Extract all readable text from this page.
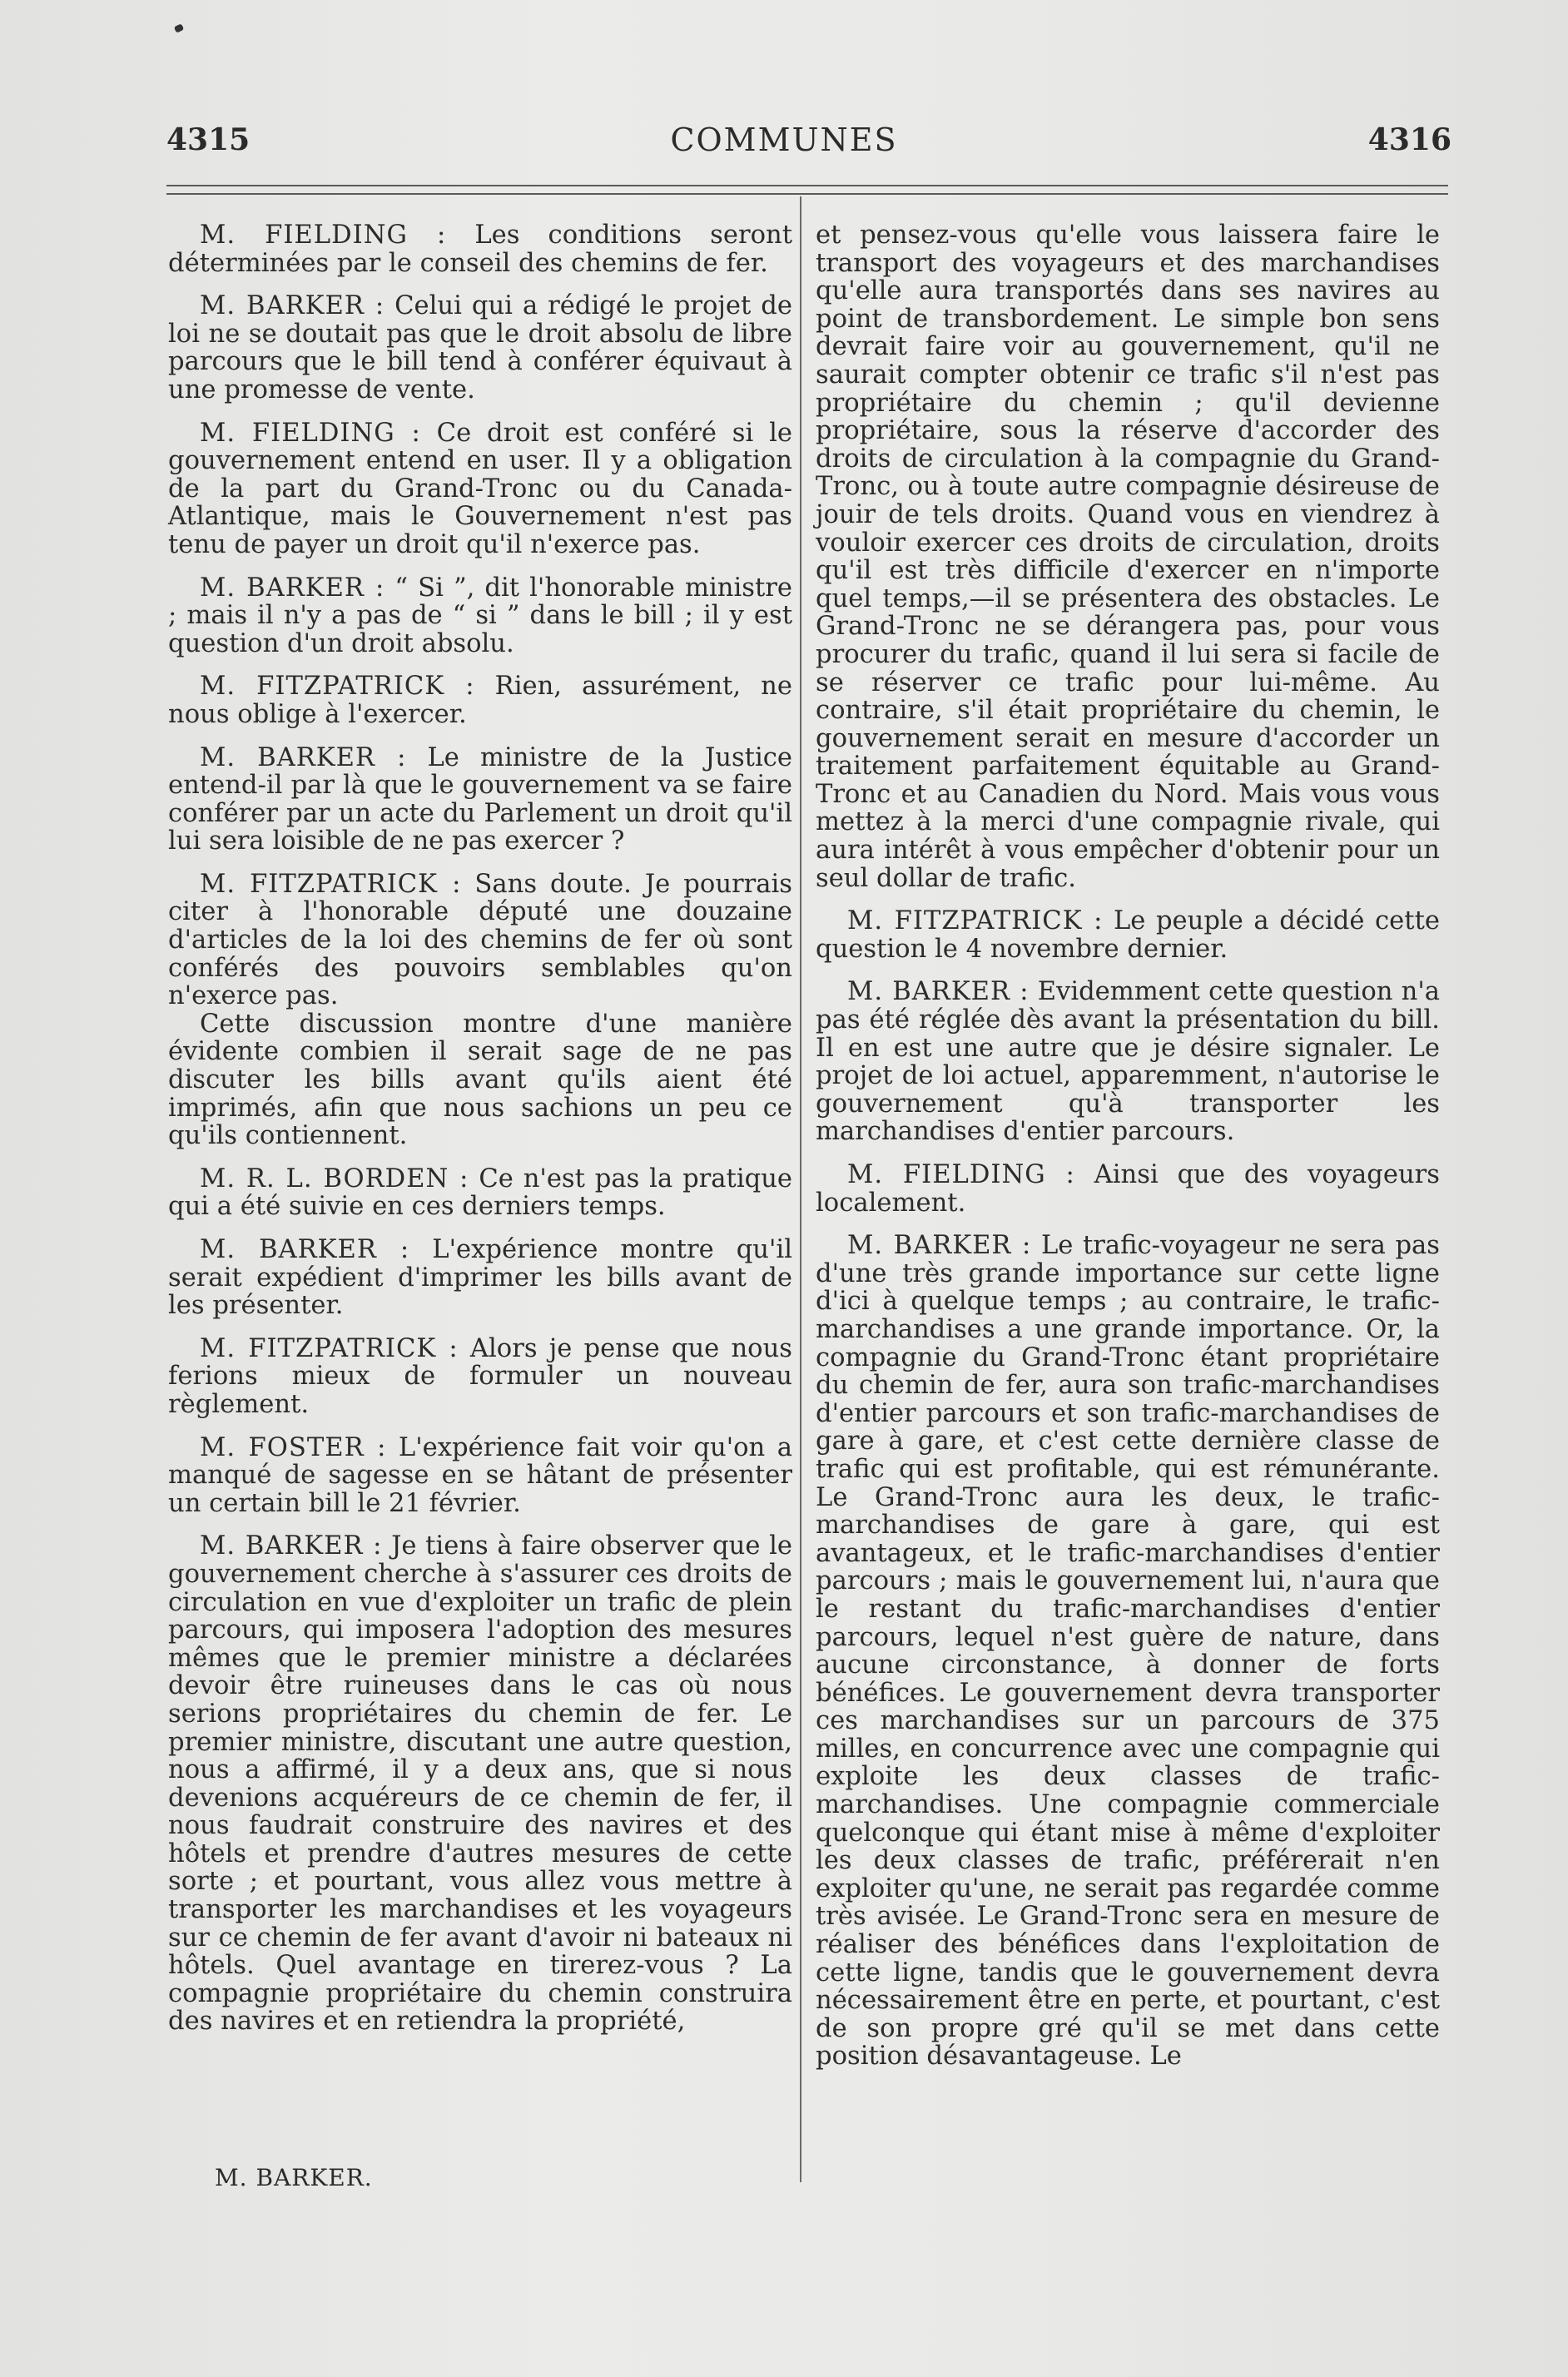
4315	COMMUNES	4316

M. FIELDING : Les conditions seront déterminées par le conseil des chemins de fer.

M. BARKER : Celui qui a rédigé le projet de loi ne se doutait pas que le droit absolu de libre parcours que le bill tend à conférer équivaut à une promesse de vente.

M. FIELDING : Ce droit est conféré si le gouvernement entend en user. Il y a obligation de la part du Grand-Tronc ou du Canada-Atlantique, mais le Gouvernement n'est pas tenu de payer un droit qu'il n'exerce pas.

M. BARKER : “ Si ”, dit l'honorable ministre ; mais il n'y a pas de “ si ” dans le bill ; il y est question d'un droit absolu.

M. FITZPATRICK : Rien, assurément, ne nous oblige à l'exercer.

M. BARKER : Le ministre de la Justice entend-il par là que le gouvernement va se faire conférer par un acte du Parlement un droit qu'il lui sera loisible de ne pas exercer ?

M. FITZPATRICK : Sans doute. Je pourrais citer à l'honorable député une douzaine d'articles de la loi des chemins de fer où sont conférés des pouvoirs semblables qu'on n'exerce pas.

Cette discussion montre d'une manière évidente combien il serait sage de ne pas discuter les bills avant qu'ils aient été imprimés, afin que nous sachions un peu ce qu'ils contiennent.

M. R. L. BORDEN : Ce n'est pas la pratique qui a été suivie en ces derniers temps.

M. BARKER : L'expérience montre qu'il serait expédient d'imprimer les bills avant de les présenter.

M. FITZPATRICK : Alors je pense que nous ferions mieux de formuler un nouveau règlement.

M. FOSTER : L'expérience fait voir qu'on a manqué de sagesse en se hâtant de présenter un certain bill le 21 février.

M. BARKER : Je tiens à faire observer que le gouvernement cherche à s'assurer ces droits de circulation en vue d'exploiter un trafic de plein parcours, qui imposera l'adoption des mesures mêmes que le premier ministre a déclarées devoir être ruineuses dans le cas où nous serions propriétaires du chemin de fer. Le premier ministre, discutant une autre question, nous a affirmé, il y a deux ans, que si nous devenions acquéreurs de ce chemin de fer, il nous faudrait construire des navires et des hôtels et prendre d'autres mesures de cette sorte ; et pourtant, vous allez vous mettre à transporter les marchandises et les voyageurs sur ce chemin de fer avant d'avoir ni bateaux ni hôtels. Quel avantage en tirerez-vous ? La compagnie propriétaire du chemin construira des navires et en retiendra la propriété,

et pensez-vous qu'elle vous laissera faire le transport des voyageurs et des marchandises qu'elle aura transportés dans ses navires au point de transbordement. Le simple bon sens devrait faire voir au gouvernement, qu'il ne saurait compter obtenir ce trafic s'il n'est pas propriétaire du chemin ; qu'il devienne propriétaire, sous la réserve d'accorder des droits de circulation à la compagnie du Grand-Tronc, ou à toute autre compagnie désireuse de jouir de tels droits. Quand vous en viendrez à vouloir exercer ces droits de circulation, droits qu'il est très difficile d'exercer en n'importe quel temps,—il se présentera des obstacles. Le Grand-Tronc ne se dérangera pas, pour vous procurer du trafic, quand il lui sera si facile de se réserver ce trafic pour lui-même. Au contraire, s'il était propriétaire du chemin, le gouvernement serait en mesure d'accorder un traitement parfaitement équitable au Grand-Tronc et au Canadien du Nord. Mais vous vous mettez à la merci d'une compagnie rivale, qui aura intérêt à vous empêcher d'obtenir pour un seul dollar de trafic.

M. FITZPATRICK : Le peuple a décidé cette question le 4 novembre dernier.

M. BARKER : Evidemment cette question n'a pas été réglée dès avant la présentation du bill. Il en est une autre que je désire signaler. Le projet de loi actuel, apparemment, n'autorise le gouvernement qu'à transporter les marchandises d'entier parcours.

M. FIELDING : Ainsi que des voyageurs localement.

M. BARKER : Le trafic-voyageur ne sera pas d'une très grande importance sur cette ligne d'ici à quelque temps ; au contraire, le trafic-marchandises a une grande importance. Or, la compagnie du Grand-Tronc étant propriétaire du chemin de fer, aura son trafic-marchandises d'entier parcours et son trafic-marchandises de gare à gare, et c'est cette dernière classe de trafic qui est profitable, qui est rémunérante. Le Grand-Tronc aura les deux, le trafic-marchandises de gare à gare, qui est avantageux, et le trafic-marchandises d'entier parcours ; mais le gouvernement lui, n'aura que le restant du trafic-marchandises d'entier parcours, lequel n'est guère de nature, dans aucune circonstance, à donner de forts bénéfices. Le gouvernement devra transporter ces marchandises sur un parcours de 375 milles, en concurrence avec une compagnie qui exploite les deux classes de trafic-marchandises. Une compagnie commerciale quelconque qui étant mise à même d'exploiter les deux classes de trafic, préférerait n'en exploiter qu'une, ne serait pas regardée comme très avisée. Le Grand-Tronc sera en mesure de réaliser des bénéfices dans l'exploitation de cette ligne, tandis que le gouvernement devra nécessairement être en perte, et pourtant, c'est de son propre gré qu'il se met dans cette position désavantageuse. Le

M. BARKER.
